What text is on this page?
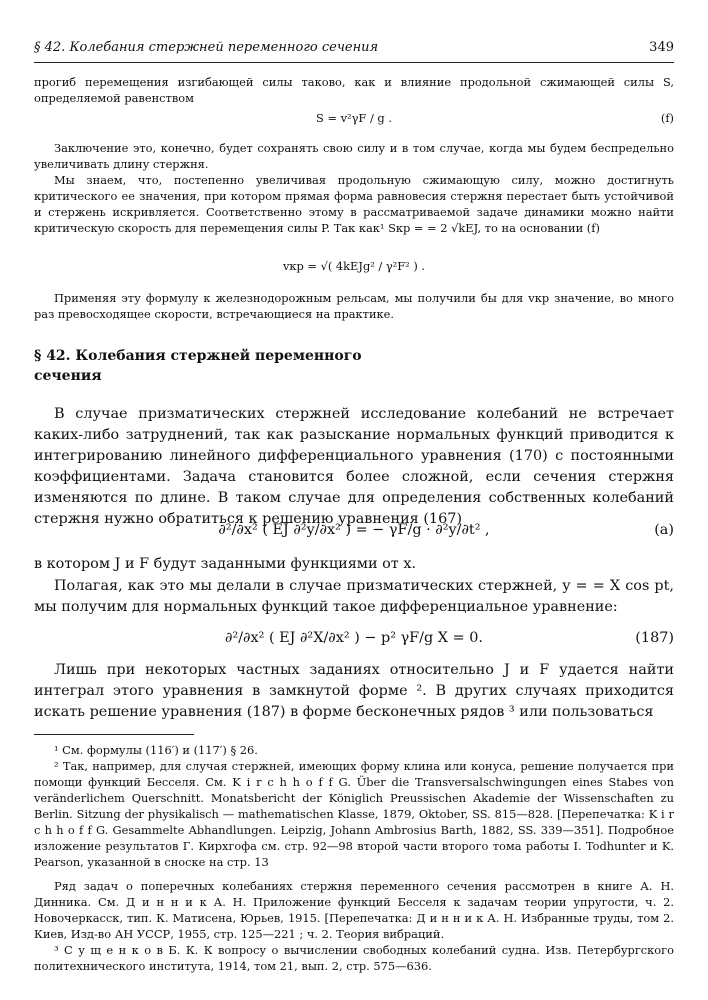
§ 42. Колебания стержней переменного сечения	349

прогиб перемещения изгибающей силы таково, как и влияние продольной сжимающей силы S, определяемой равенством

S = v²γF / g .	(f)

Заключение это, конечно, будет сохранять свою силу и в том случае, когда мы будем беспредельно увеличивать длину стержня.

Мы знаем, что, постепенно увеличивая продольную сжимающую силу, можно достигнуть критического ее значения, при котором прямая форма равновесия стержня перестает быть устойчивой и стержень искривляется. Соответственно этому в рассматриваемой задаче динамики можно найти критическую скорость для перемещения силы P. Так как¹ Sкр = = 2 √kEJ, то на основании (f)

vкр = √( 4kEJg² / γ²F² ) .

Применяя эту формулу к железнодорожным рельсам, мы получили бы для vкр значение, во много раз превосходящее скорости, встречающиеся на практике.

§ 42. Колебания стержней переменного сечения

В случае призматических стержней исследование колебаний не встречает каких-либо затруднений, так как разыскание нормальных функций приводится к интегрированию линейного дифференциального уравнения (170) с постоянными коэффициентами. Задача становится более сложной, если сечения стержня изменяются по длине. В таком случае для определения собственных колебаний стержня нужно обратиться к решению уравнения (167)

∂²/∂x² ( EJ ∂²y/∂x² ) = − γF/g · ∂²y/∂t² ,	(a)

в котором J и F будут заданными функциями от x.

Полагая, как это мы делали в случае призматических стержней, y = = X cos pt, мы получим для нормальных функций такое дифференциальное уравнение:

∂²/∂x² ( EJ ∂²X/∂x² ) − p² γF/g X = 0.	(187)

Лишь при некоторых частных заданиях относительно J и F удается найти интеграл этого уравнения в замкнутой форме ². В других случаях приходится искать решение уравнения (187) в форме бесконечных рядов ³ или пользоваться

¹ См. формулы (116′) и (117′) § 26.

² Так, например, для случая стержней, имеющих форму клина или конуса, решение получается при помощи функций Бесселя. См. K i r c h h o f f G. Über die Transversalschwingungen eines Stabes von veränderlichem Querschnitt. Monatsbericht der Königlich Preussischen Akademie der Wissenschaften zu Berlin. Sitzung der physikalisch — mathematischen Klasse, 1879, Oktober, SS. 815—828. [Перепечатка: K i r c h h o f f G. Gesammelte Abhandlungen. Leipzig, Johann Ambrosius Barth, 1882, SS. 339—351]. Подробное изложение результатов Г. Кирхгофа см. стр. 92—98 второй части второго тома работы I. Todhunter и K. Pearson, указанной в сноске на стр. 13

Ряд задач о поперечных колебаниях стержня переменного сечения рассмотрен в книге А. Н. Динника. См. Д и н н и к А. Н. Приложение функций Бесселя к задачам теории упругости, ч. 2. Новочеркасск, тип. К. Матисена, Юрьев, 1915. [Перепечатка: Д и н н и к А. Н. Избранные труды, том 2. Киев, Изд-во АН УССР, 1955, стр. 125—221 ; ч. 2. Теория вибраций.

³ С у щ е н к о в Б. К. К вопросу о вычислении свободных колебаний судна. Изв. Петербургского политехнического института, 1914, том 21, вып. 2, стр. 575—636.
